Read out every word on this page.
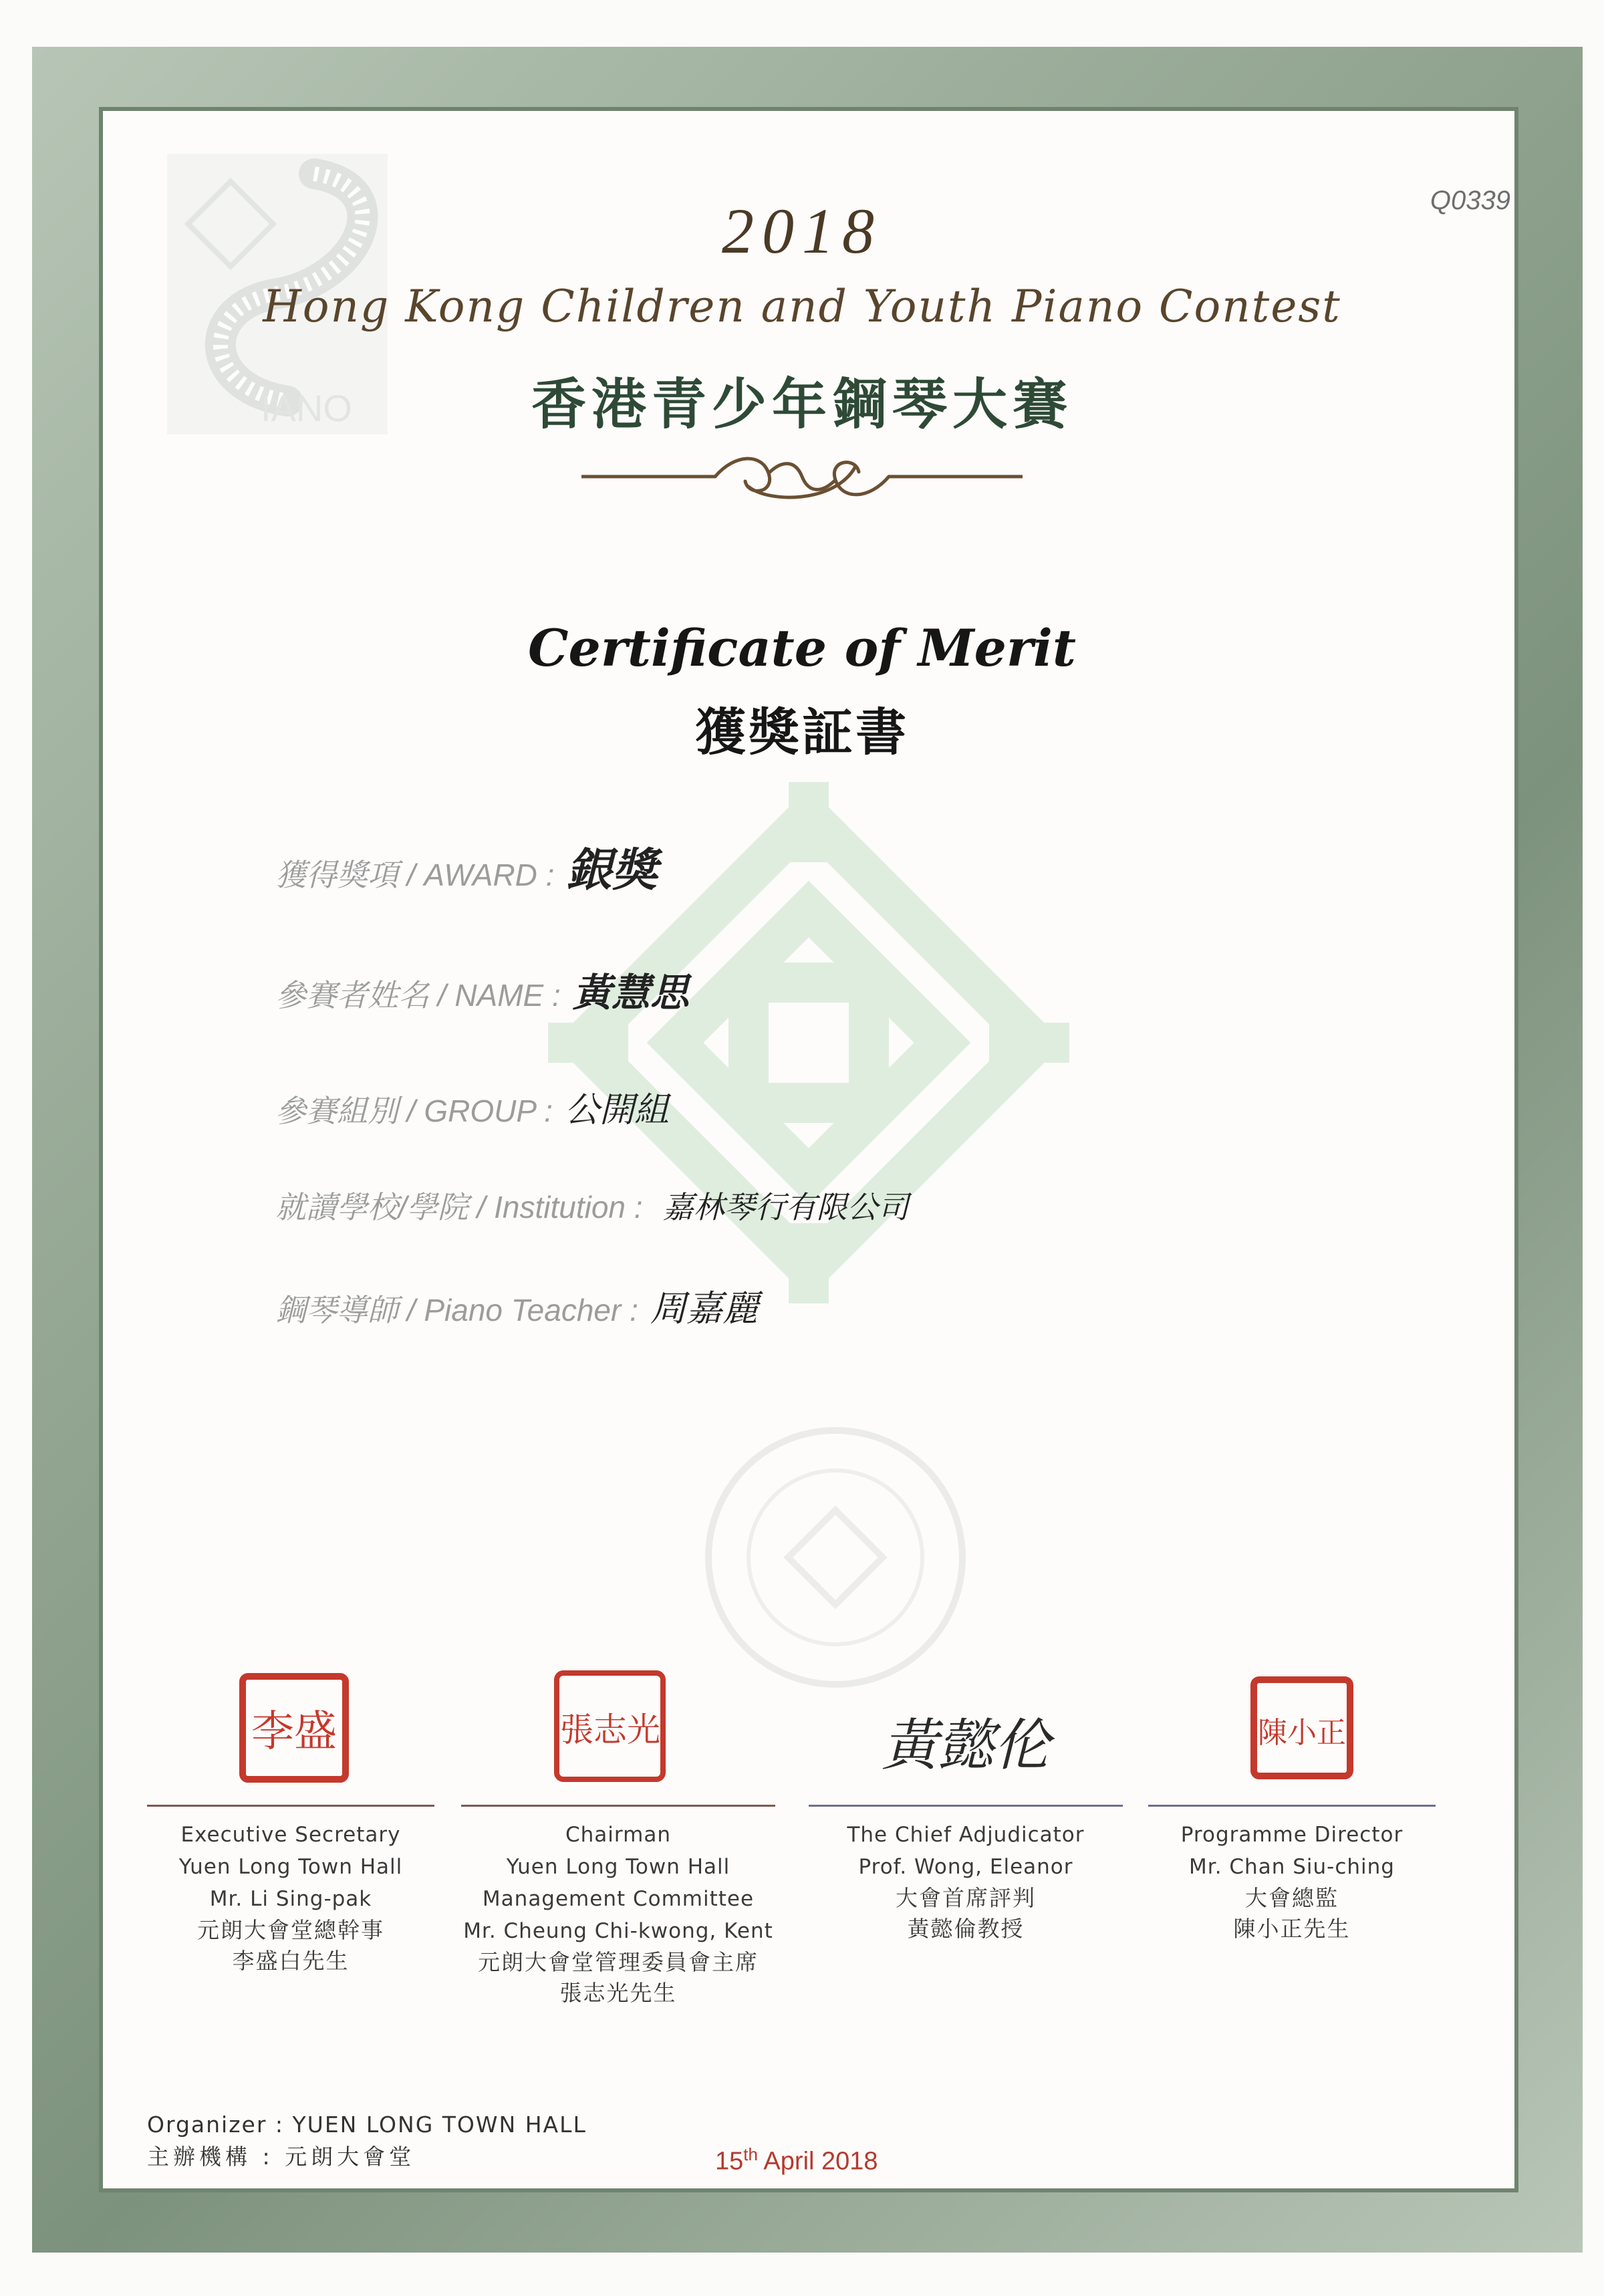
IANO
Q0339
2018
Hong Kong Children and Youth Piano Contest
香港青少年鋼琴大賽
Certificate of Merit
獲獎証書
獲得獎項 / AWARD : 銀獎
參賽者姓名 / NAME : 黃慧思
參賽組別 / GROUP : 公開組
就讀學校/學院 / Institution : 嘉林琴行有限公司
鋼琴導師 / Piano Teacher : 周嘉麗
李盛	張志光	黃懿伦	陳小正
Executive Secretary
Yuen Long Town Hall
Mr. Li Sing-pak
元朗大會堂總幹事
李盛白先生
Chairman
Yuen Long Town Hall
Management Committee
Mr. Cheung Chi-kwong, Kent
元朗大會堂管理委員會主席
張志光先生
The Chief Adjudicator
Prof. Wong, Eleanor
大會首席評判
黃懿倫教授
Programme Director
Mr. Chan Siu-ching
大會總監
陳小正先生
Organizer : YUEN LONG TOWN HALL
主辦機構 : 元朗大會堂	15th April 2018
